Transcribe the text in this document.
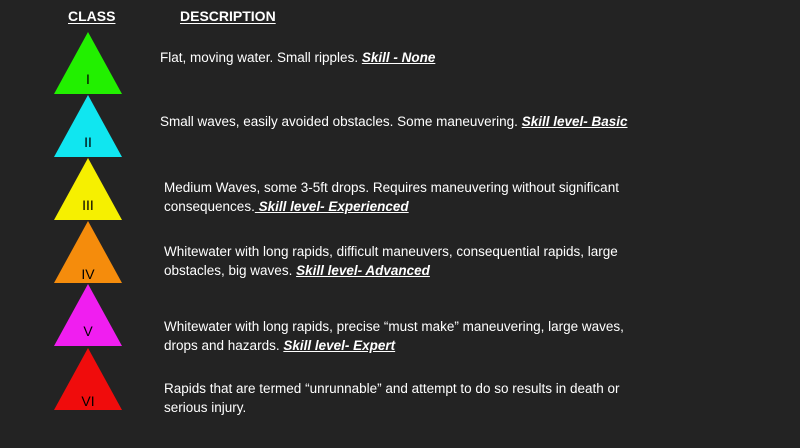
CLASS	DESCRIPTION
I
Flat, moving water. Small ripples. Skill - None
II
Small waves, easily avoided obstacles. Some maneuvering. Skill level- Basic
III
Medium Waves, some 3-5ft drops. Requires maneuvering without significant
consequences. Skill level- Experienced
IV
Whitewater with long rapids, difficult maneuvers, consequential rapids, large
obstacles, big waves. Skill level- Advanced
V	Whitewater with long rapids, precise “must make” maneuvering, large waves,
drops and hazards. Skill level- Expert
VI
Rapids that are termed “unrunnable” and attempt to do so results in death or
serious injury.
